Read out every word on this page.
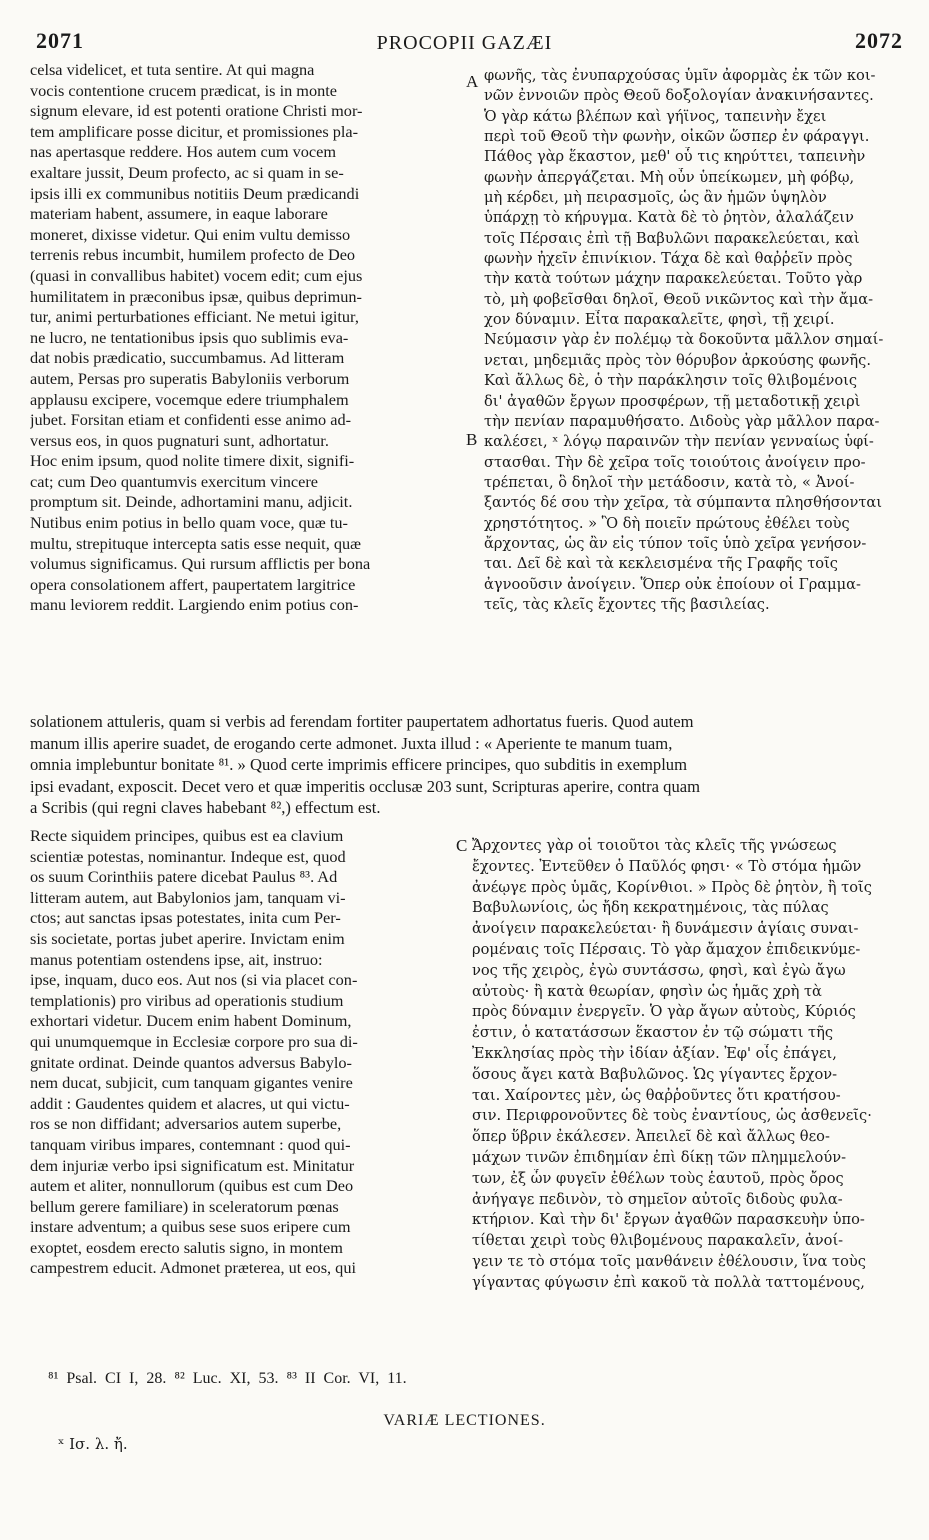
2071	PROCOPII GAZÆI	2072
A
B
C
celsa videlicet, et tuta sentire. At qui magna
vocis contentione crucem prædicat, is in monte
signum elevare, id est potenti oratione Christi mor-
tem amplificare posse dicitur, et promissiones pla-
nas apertasque reddere. Hos autem cum vocem
exaltare jussit, Deum profecto, ac si quam in se-
ipsis illi ex communibus notitiis Deum prædicandi
materiam habent, assumere, in eaque laborare
moneret, dixisse videtur. Qui enim vultu demisso
terrenis rebus incumbit, humilem profecto de Deo
(quasi in convallibus habitet) vocem edit; cum ejus
humilitatem in præconibus ipsæ, quibus deprimun-
tur, animi perturbationes efficiant. Ne metui igitur,
ne lucro, ne tentationibus ipsis quo sublimis eva-
dat nobis prædicatio, succumbamus. Ad litteram
autem, Persas pro superatis Babyloniis verborum
applausu excipere, vocemque edere triumphalem
jubet. Forsitan etiam et confidenti esse animo ad-
versus eos, in quos pugnaturi sunt, adhortatur.
Hoc enim ipsum, quod nolite timere dixit, signifi-
cat; cum Deo quantumvis exercitum vincere
promptum sit. Deinde, adhortamini manu, adjicit.
Nutibus enim potius in bello quam voce, quæ tu-
multu, strepituque intercepta satis esse nequit, quæ
volumus significamus. Qui rursum afflictis per bona
opera consolationem affert, paupertatem largitrice
manu leviorem reddit. Largiendo enim potius con-
φωνῆς, τὰς ἐνυπαρχούσας ὑμῖν ἀφορμὰς ἐκ τῶν κοι-
νῶν ἐννοιῶν πρὸς Θεοῦ δοξολογίαν ἀνακινήσαντες.
Ὁ γὰρ κάτω βλέπων καὶ γήϊνος, ταπεινὴν ἔχει
περὶ τοῦ Θεοῦ τὴν φωνὴν, οἰκῶν ὥσπερ ἐν φάραγγι.
Πάθος γὰρ ἕκαστον, μεθ' οὗ τις κηρύττει, ταπεινὴν
φωνὴν ἀπεργάζεται. Μὴ οὖν ὑπείκωμεν, μὴ φόβῳ,
μὴ κέρδει, μὴ πειρασμοῖς, ὡς ἂν ἡμῶν ὑψηλὸν
ὑπάρχῃ τὸ κήρυγμα. Κατὰ δὲ τὸ ῥητὸν, ἀλαλάζειν
τοῖς Πέρσαις ἐπὶ τῇ Βαβυλῶνι παρακελεύεται, καὶ
φωνὴν ἠχεῖν ἐπινίκιον. Τάχα δὲ καὶ θαῤῥεῖν πρὸς
τὴν κατὰ τούτων μάχην παρακελεύεται. Τοῦτο γὰρ
τὸ, μὴ φοβεῖσθαι δηλοῖ, Θεοῦ νικῶντος καὶ τὴν ἄμα-
χον δύναμιν. Εἶτα παρακαλεῖτε, φησὶ, τῇ χειρί.
Νεύμασιν γὰρ ἐν πολέμῳ τὰ δοκοῦντα μᾶλλον σημαί-
νεται, μηδεμιᾶς πρὸς τὸν θόρυβον ἀρκούσης φωνῆς.
Καὶ ἄλλως δὲ, ὁ τὴν παράκλησιν τοῖς θλιβομένοις
δι' ἀγαθῶν ἔργων προσφέρων, τῇ μεταδοτικῇ χειρὶ
τὴν πενίαν παραμυθήσατο. Διδοὺς γὰρ μᾶλλον παρα-
καλέσει, ˣ λόγῳ παραινῶν τὴν πενίαν γενναίως ὑφί-
στασθαι. Τὴν δὲ χεῖρα τοῖς τοιούτοις ἀνοίγειν προ-
τρέπεται, ὃ δηλοῖ τὴν μετάδοσιν, κατὰ τὸ, « Ἀνοί-
ξαντός δέ σου τὴν χεῖρα, τὰ σύμπαντα πλησθήσονται
χρηστότητος. » Ὃ δὴ ποιεῖν πρώτους ἐθέλει τοὺς
ἄρχοντας, ὡς ἂν εἰς τύπον τοῖς ὑπὸ χεῖρα γενήσον-
ται. Δεῖ δὲ καὶ τὰ κεκλεισμένα τῆς Γραφῆς τοῖς
ἀγνοοῦσιν ἀνοίγειν. Ὅπερ οὐκ ἐποίουν οἱ Γραμμα-
τεῖς, τὰς κλεῖς ἔχοντες τῆς βασιλείας.
solationem attuleris, quam si verbis ad ferendam fortiter paupertatem adhortatus fueris. Quod autem
manum illis aperire suadet, de erogando certe admonet. Juxta illud : « Aperiente te manum tuam,
omnia implebuntur bonitate ⁸¹. » Quod certe imprimis efficere principes, quo subditis in exemplum
ipsi evadant, exposcit. Decet vero et quæ imperitis occlusæ 203 sunt, Scripturas aperire, contra quam
a Scribis (qui regni claves habebant ⁸²,) effectum est.
Recte siquidem principes, quibus est ea clavium
scientiæ potestas, nominantur. Indeque est, quod
os suum Corinthiis patere dicebat Paulus ⁸³. Ad
litteram autem, aut Babylonios jam, tanquam vi-
ctos; aut sanctas ipsas potestates, inita cum Per-
sis societate, portas jubet aperire. Invictam enim
manus potentiam ostendens ipse, ait, instruo:
ipse, inquam, duco eos. Aut nos (si via placet con-
templationis) pro viribus ad operationis studium
exhortari videtur. Ducem enim habent Dominum,
qui unumquemque in Ecclesiæ corpore pro sua di-
gnitate ordinat. Deinde quantos adversus Babylo-
nem ducat, subjicit, cum tanquam gigantes venire
addit : Gaudentes quidem et alacres, ut qui victu-
ros se non diffidant; adversarios autem superbe,
tanquam viribus impares, contemnant : quod qui-
dem injuriæ verbo ipsi significatum est. Minitatur
autem et aliter, nonnullorum (quibus est cum Deo
bellum gerere familiare) in sceleratorum pœnas
instare adventum; a quibus sese suos eripere cum
exoptet, eosdem erecto salutis signo, in montem
campestrem educit. Admonet præterea, ut eos, qui
Ἄρχοντες γὰρ οἱ τοιοῦτοι τὰς κλεῖς τῆς γνώσεως
ἔχοντες. Ἐντεῦθεν ὁ Παῦλός φησι· « Τὸ στόμα ἡμῶν
ἀνέῳγε πρὸς ὑμᾶς, Κορίνθιοι. » Πρὸς δὲ ῥητὸν, ἢ τοῖς
Βαβυλωνίοις, ὡς ἤδη κεκρατημένοις, τὰς πύλας
ἀνοίγειν παρακελεύεται· ἢ δυνάμεσιν ἁγίαις συναι-
ρομέναις τοῖς Πέρσαις. Τὸ γὰρ ἄμαχον ἐπιδεικνύμε-
νος τῆς χειρὸς, ἐγὼ συντάσσω, φησὶ, καὶ ἐγὼ ἄγω
αὐτοὺς· ἢ κατὰ θεωρίαν, φησὶν ὡς ἡμᾶς χρὴ τὰ
πρὸς δύναμιν ἐνεργεῖν. Ὁ γὰρ ἄγων αὐτοὺς, Κύριός
ἐστιν, ὁ κατατάσσων ἕκαστον ἐν τῷ σώματι τῆς
Ἐκκλησίας πρὸς τὴν ἰδίαν ἀξίαν. Ἐφ' οἷς ἐπάγει,
ὅσους ἄγει κατὰ Βαβυλῶνος. Ὡς γίγαντες ἔρχον-
ται. Χαίροντες μὲν, ὡς θαῤῥοῦντες ὅτι κρατήσου-
σιν. Περιφρονοῦντες δὲ τοὺς ἐναντίους, ὡς ἀσθενεῖς·
ὅπερ ὕβριν ἐκάλεσεν. Ἀπειλεῖ δὲ καὶ ἄλλως θεο-
μάχων τινῶν ἐπιδημίαν ἐπὶ δίκῃ τῶν πλημμελούν-
των, ἐξ ὧν φυγεῖν ἐθέλων τοὺς ἑαυτοῦ, πρὸς ὄρος
ἀνήγαγε πεδινὸν, τὸ σημεῖον αὐτοῖς διδοὺς φυλα-
κτήριον. Καὶ τὴν δι' ἔργων ἀγαθῶν παρασκευὴν ὑπο-
τίθεται χειρὶ τοὺς θλιβομένους παρακαλεῖν, ἀνοί-
γειν τε τὸ στόμα τοῖς μανθάνειν ἐθέλουσιν, ἵνα τοὺς
γίγαντας φύγωσιν ἐπὶ κακοῦ τὰ πολλὰ ταττομένους,
⁸¹ Psal. CI I, 28. ⁸² Luc. XI, 53. ⁸³ II Cor. VI, 11.
VARIÆ LECTIONES.
ˣ Ισ. λ. ἤ.
